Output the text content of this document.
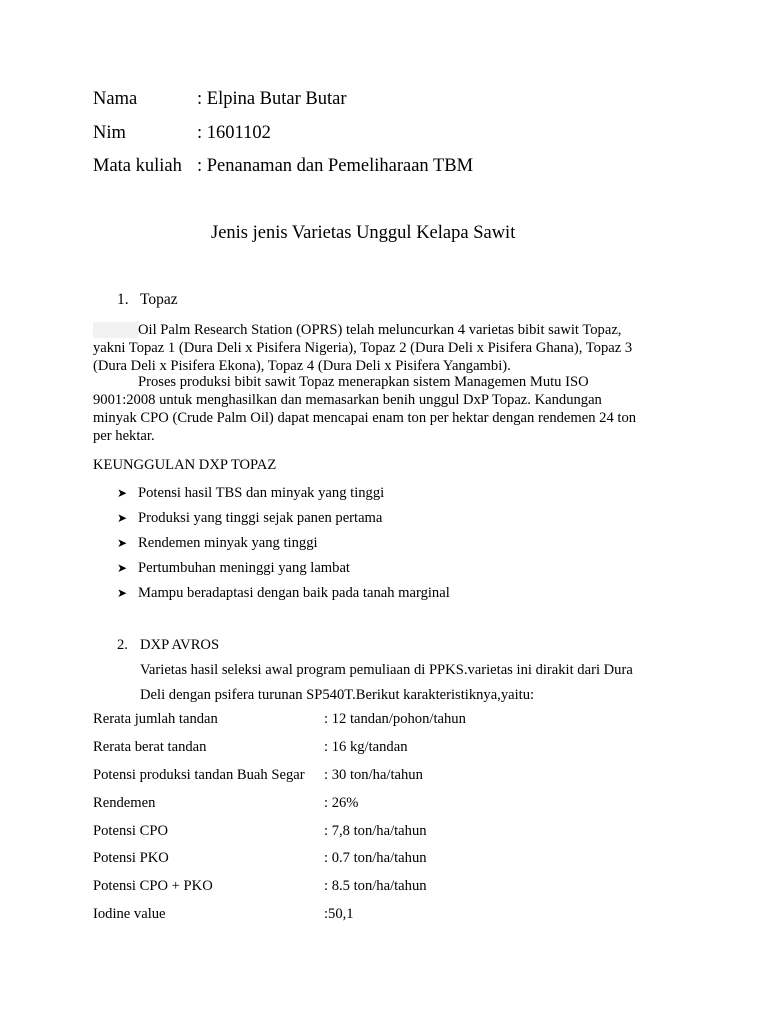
Nama	: Elpina Butar Butar
Nim	: 1601102
Mata kuliah : Penanaman dan Pemeliharaan TBM
Jenis jenis Varietas Unggul Kelapa Sawit
1. Topaz
Oil Palm Research Station (OPRS) telah meluncurkan 4 varietas bibit sawit Topaz,
yakni Topaz 1 (Dura Deli x Pisifera Nigeria), Topaz 2 (Dura Deli x Pisifera Ghana), Topaz 3
(Dura Deli x Pisifera Ekona), Topaz 4 (Dura Deli x Pisifera Yangambi).
Proses produksi bibit sawit Topaz menerapkan sistem Managemen Mutu ISO
9001:2008 untuk menghasilkan dan memasarkan benih unggul DxP Topaz. Kandungan
minyak CPO (Crude Palm Oil) dapat mencapai enam ton per hektar dengan rendemen 24 ton
per hektar.
KEUNGGULAN DXP TOPAZ
➤ Potensi hasil TBS dan minyak yang tinggi
➤ Produksi yang tinggi sejak panen pertama
➤ Rendemen minyak yang tinggi
➤ Pertumbuhan meninggi yang lambat
➤ Mampu beradaptasi dengan baik pada tanah marginal
2. DXP AVROS
Varietas hasil seleksi awal program pemuliaan di PPKS.varietas ini dirakit dari Dura
Deli dengan psifera turunan SP540T.Berikut karakteristiknya,yaitu:
Rerata jumlah tandan	: 12 tandan/pohon/tahun
Rerata berat tandan	: 16 kg/tandan
Potensi produksi tandan Buah Segar : 30 ton/ha/tahun
Rendemen	: 26%
Potensi CPO	: 7,8 ton/ha/tahun
Potensi PKO	: 0.7 ton/ha/tahun
Potensi CPO + PKO	: 8.5 ton/ha/tahun
Iodine value	:50,1
